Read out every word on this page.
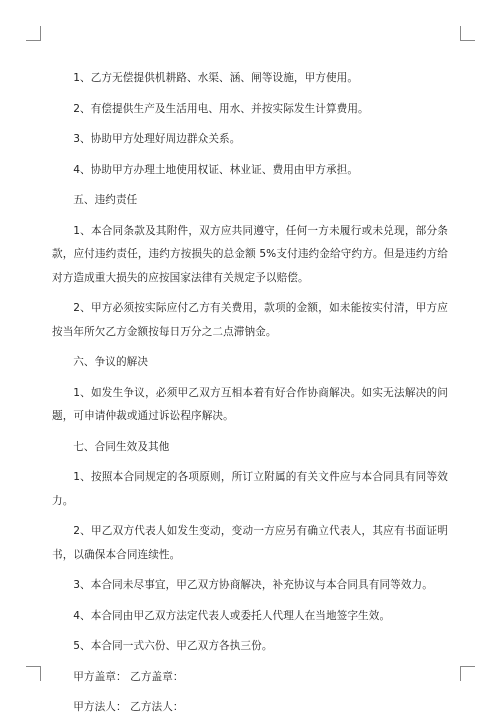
1、乙方无偿提供机耕路、水渠、涵、闸等设施，甲方使用。

2、有偿提供生产及生活用电、用水、并按实际发生计算费用。

3、协助甲方处理好周边群众关系。

4、协助甲方办理土地使用权证、林业证、费用由甲方承担。

五、违约责任

1、本合同条款及其附件，双方应共同遵守，任何一方未履行或未兑现，部分条款，应付违约责任，违约方按损失的总金额 5%支付违约金给守约方。但是违约方给对方造成重大损失的应按国家法律有关规定予以赔偿。

2、甲方必须按实际应付乙方有关费用，款项的金额，如未能按实付清，甲方应按当年所欠乙方金额按每日万分之二点滞钠金。

六、争议的解决

1、如发生争议，必须甲乙双方互相本着有好合作协商解决。如实无法解决的问题，可申请仲裁或通过诉讼程序解决。

七、合同生效及其他

1、按照本合同规定的各项原则，所订立附属的有关文件应与本合同具有同等效力。

2、甲乙双方代表人如发生变动，变动一方应另有确立代表人，其应有书面证明书，以确保本合同连续性。

3、本合同未尽事宜，甲乙双方协商解决，补充协议与本合同具有同等效力。

4、本合同由甲乙双方法定代表人或委托人代理人在当地签字生效。

5、本合同一式六份、甲乙双方各执三份。

甲方盖章： 乙方盖章：

甲方法人： 乙方法人：
